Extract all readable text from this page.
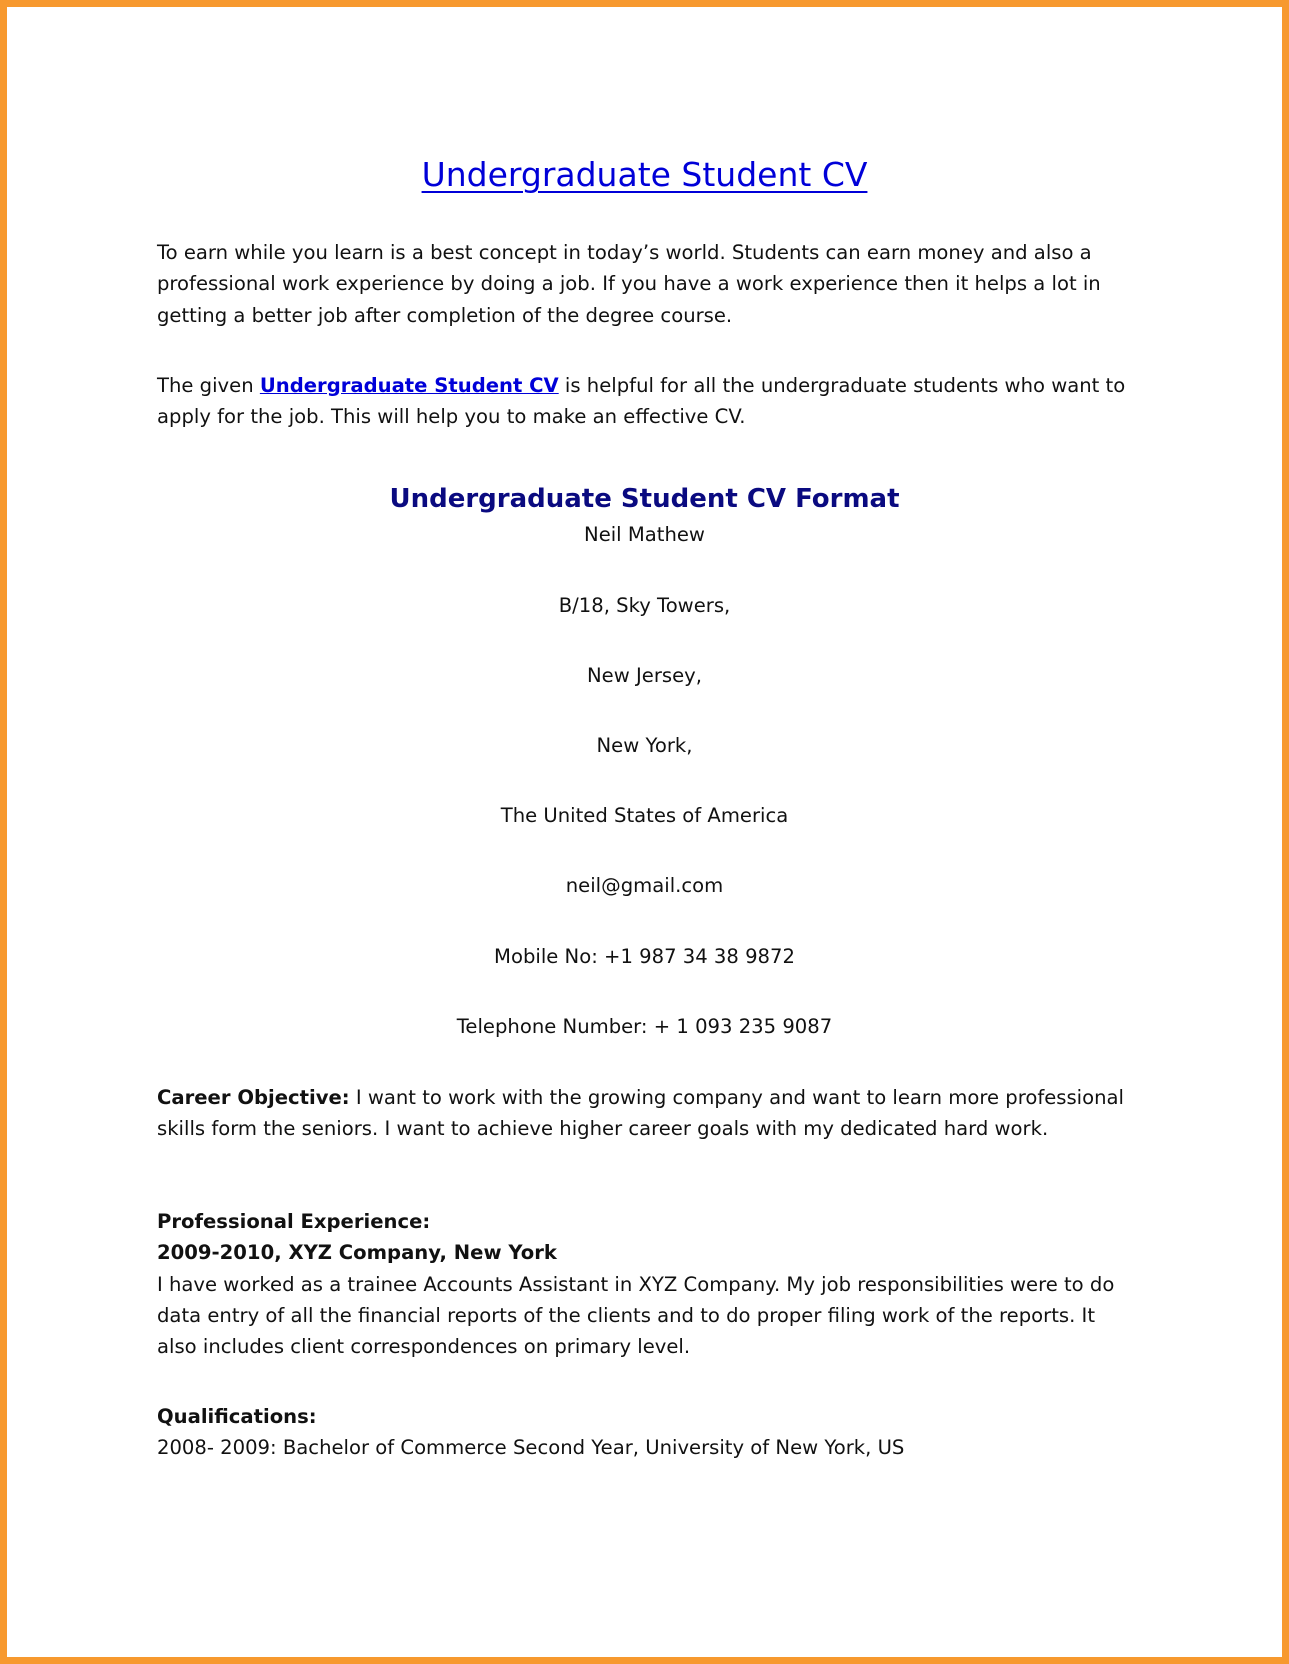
Undergraduate Student CV

To earn while you learn is a best concept in today’s world. Students can earn money and also a professional work experience by doing a job. If you have a work experience then it helps a lot in getting a better job after completion of the degree course.

The given Undergraduate Student CV is helpful for all the undergraduate students who want to apply for the job. This will help you to make an effective CV.

Undergraduate Student CV Format
Neil Mathew
B/18, Sky Towers,
New Jersey,
New York,
The United States of America
neil@gmail.com
Mobile No: +1 987 34 38 9872
Telephone Number: + 1 093 235 9087

Career Objective: I want to work with the growing company and want to learn more professional skills form the seniors. I want to achieve higher career goals with my dedicated hard work.

Professional Experience:
2009-2010, XYZ Company, New York
I have worked as a trainee Accounts Assistant in XYZ Company. My job responsibilities were to do data entry of all the financial reports of the clients and to do proper filing work of the reports. It also includes client correspondences on primary level.
Qualifications:
2008- 2009: Bachelor of Commerce Second Year, University of New York, US
